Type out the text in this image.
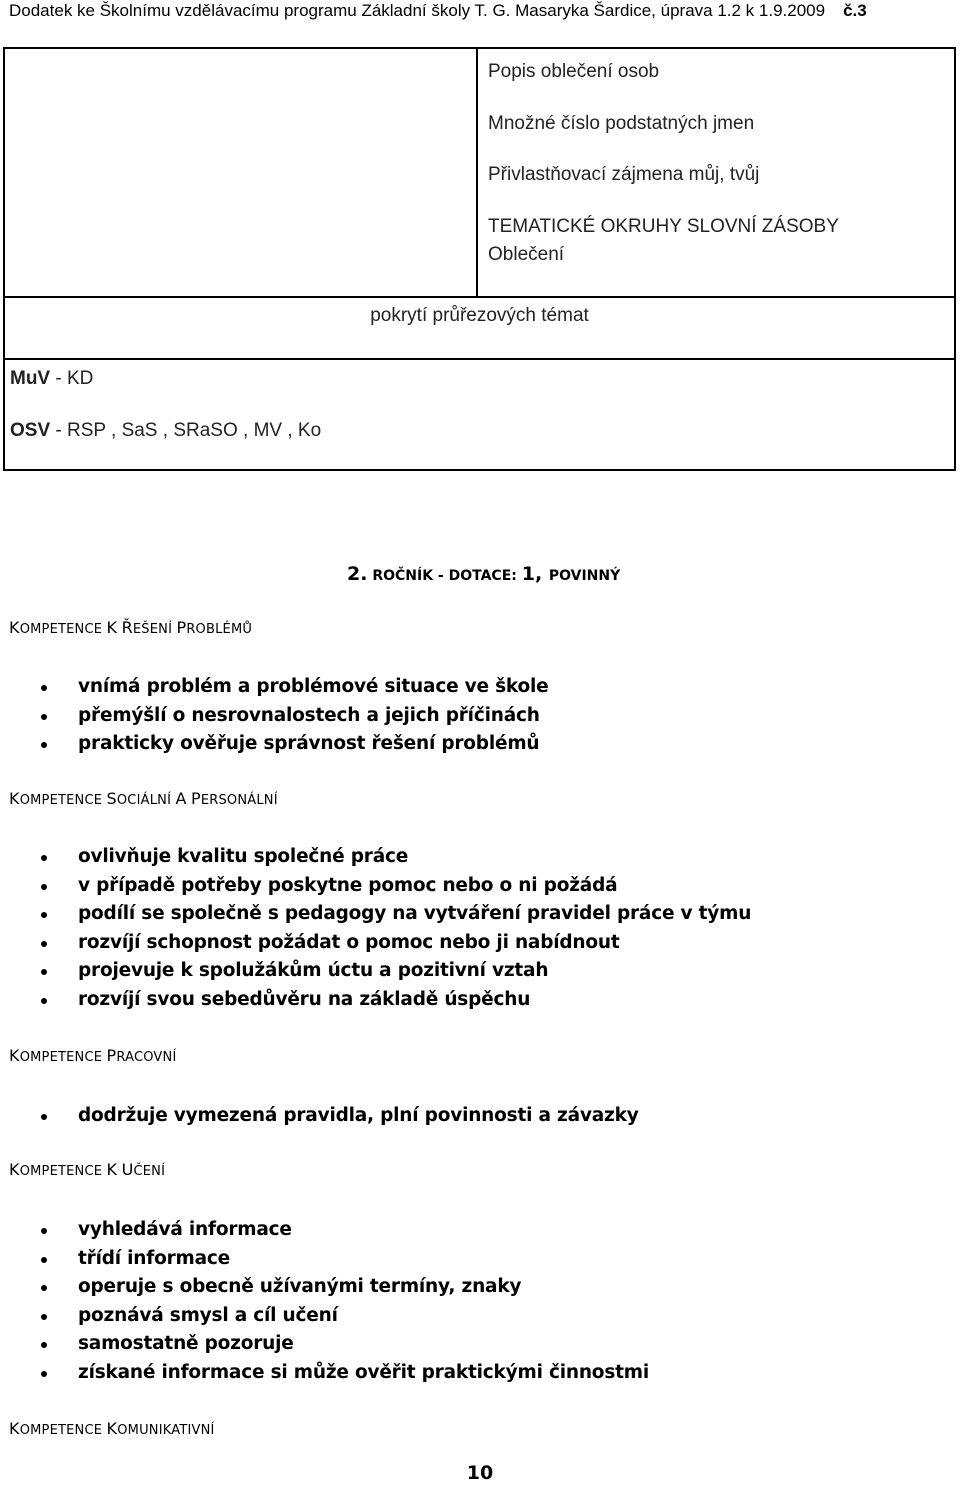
Dodatek ke Školnímu vzdělávacímu programu Základní školy T. G. Masaryka Šardice, úprava 1.2 k 1.9.2009 č.3
Popis oblečení osob
Množné číslo podstatných jmen
Přivlastňovací zájmena můj, tvůj
TEMATICKÉ OKRUHY SLOVNÍ ZÁSOBY
Oblečení
pokrytí průřezových témat
MuV - KD
OSV - RSP , SaS , SRaSO , MV , Ko
2. ROČNÍK - DOTACE: 1, POVINNÝ
KOMPETENCE K ŘEŠENÍ PROBLÉMŮ
vnímá problém a problémové situace ve škole
přemýšlí o nesrovnalostech a jejich příčinách
prakticky ověřuje správnost řešení problémů
KOMPETENCE SOCIÁLNÍ A PERSONÁLNÍ
ovlivňuje kvalitu společné práce
v případě potřeby poskytne pomoc nebo o ni požádá
podílí se společně s pedagogy na vytváření pravidel práce v týmu
rozvíjí schopnost požádat o pomoc nebo ji nabídnout
projevuje k spolužákům úctu a pozitivní vztah
rozvíjí svou sebedůvěru na základě úspěchu
KOMPETENCE PRACOVNÍ
dodržuje vymezená pravidla, plní povinnosti a závazky
KOMPETENCE K UČENÍ
vyhledává informace
třídí informace
operuje s obecně užívanými termíny, znaky
poznává smysl a cíl učení
samostatně pozoruje
získané informace si může ověřit praktickými činnostmi
KOMPETENCE KOMUNIKATIVNÍ
10
